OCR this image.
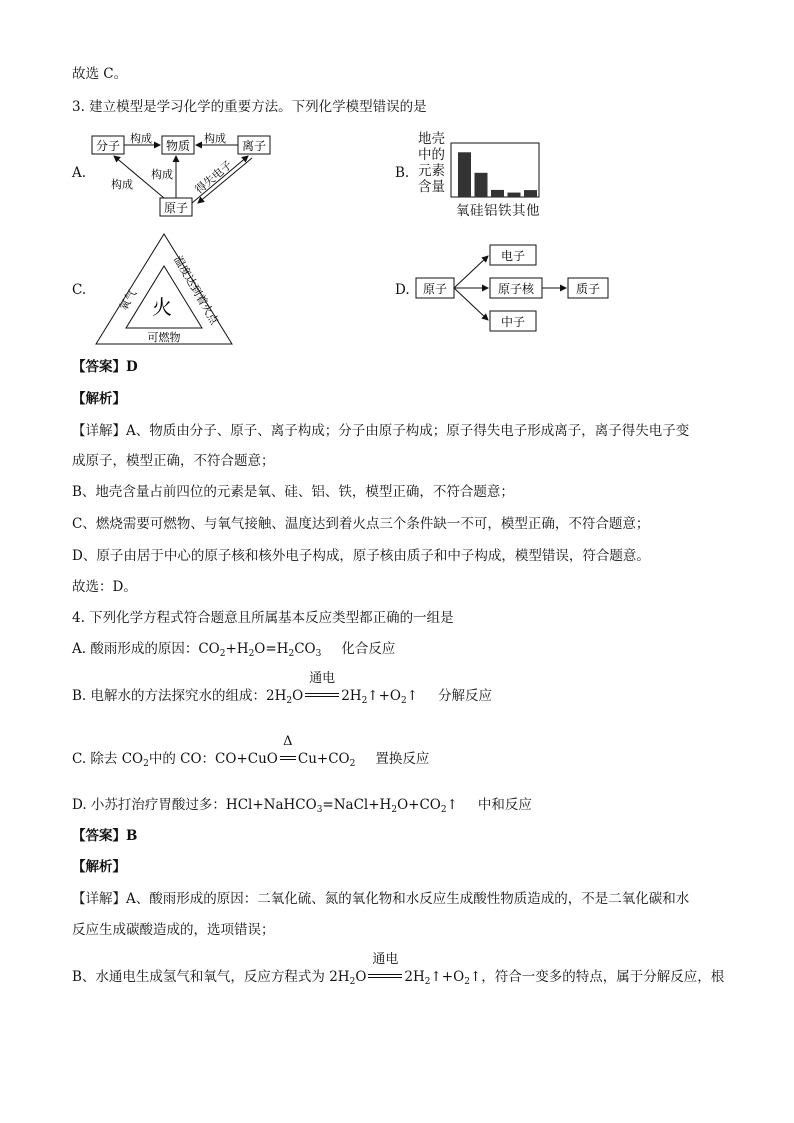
故选 C。
3. 建立模型是学习化学的重要方法。下列化学模型错误的是
A.
分子	物质	离子
原子
构成	构成
构成
构成 得失电子	B.
地壳
中的
元素
含量
氧硅铝铁其他
C.
火
氧气	温度达到着火点
可燃物
D. 原子
电子
原子核
中子
质子
【答案】D
【解析】
【详解】A、物质由分子、原子、离子构成；分子由原子构成；原子得失电子形成离子，离子得失电子变
成原子，模型正确，不符合题意；
B、地壳含量占前四位的元素是氧、硅、铝、铁，模型正确，不符合题意；
C、燃烧需要可燃物、与氧气接触、温度达到着火点三个条件缺一不可，模型正确，不符合题意；
D、原子由居于中心的原子核和核外电子构成，原子核由质子和中子构成，模型错误，符合题意。
故选：D。
4. 下列化学方程式符合题意且所属基本反应类型都正确的一组是
A. 酸雨形成的原因：$CO_2+H_2O=H_2CO_3$ 化合反应
B. 电解水的方法探究水的组成：$2H_2O$
通电
$2H_2↑+O_2↑$ 分解反应
C. 除去 $CO_2$中的 CO：CO+CuO
Δ
$Cu+CO_2$ 置换反应
D. 小苏打治疗胃酸过多：$HCl+NaHCO_3=NaCl+H_2O+CO_2↑$ 中和反应
【答案】B
【解析】
【详解】A、酸雨形成的原因：二氧化硫、氮的氧化物和水反应生成酸性物质造成的，不是二氧化碳和水
反应生成碳酸造成的，选项错误；
B、水通电生成氢气和氧气，反应方程式为 $2H_2O$
通电
$2H_2↑+O_2↑$，符合一变多的特点，属于分解反应，根
